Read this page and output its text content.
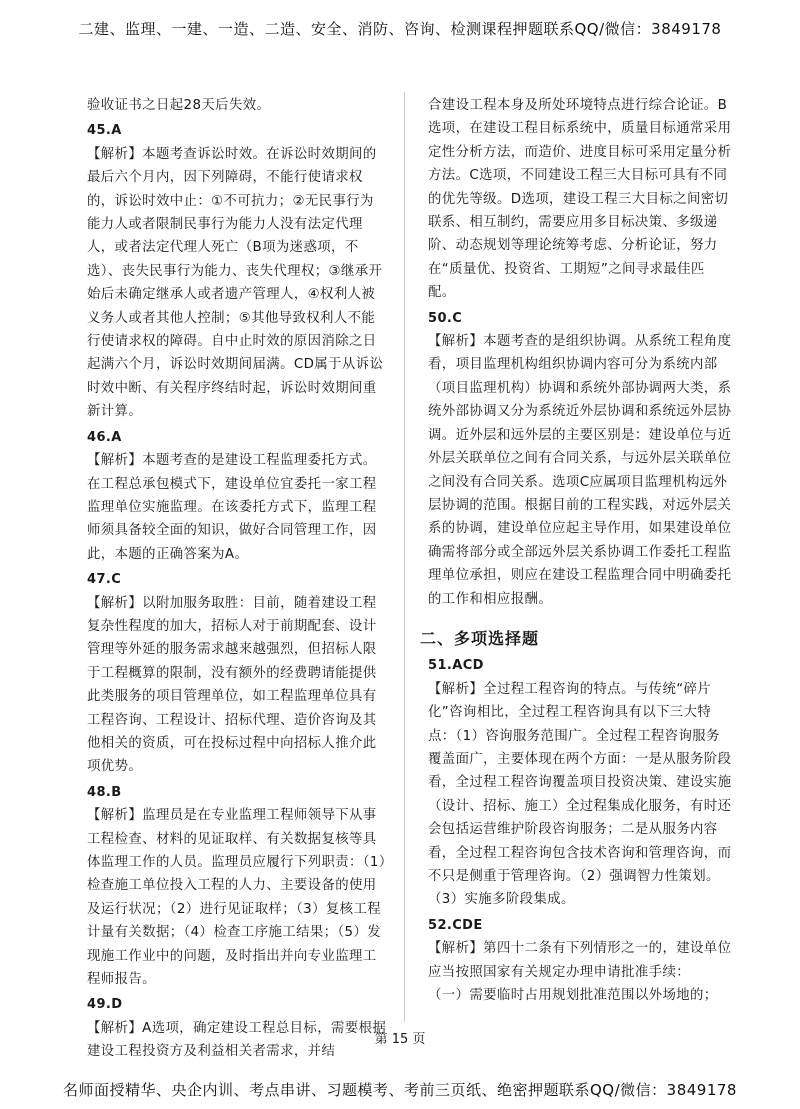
二建、监理、一建、一造、二造、安全、消防、咨询、检测课程押题联系QQ/微信：3849178

验收证书之日起28天后失效。

45.A

【解析】本题考查诉讼时效。在诉讼时效期间的最后六个月内，因下列障碍，不能行使请求权的，诉讼时效中止：①不可抗力；②无民事行为能力人或者限制民事行为能力人没有法定代理人，或者法定代理人死亡（B项为迷惑项，不选）、丧失民事行为能力、丧失代理权；③继承开始后未确定继承人或者遗产管理人，④权利人被义务人或者其他人控制；⑤其他导致权利人不能行使请求权的障碍。自中止时效的原因消除之日起满六个月，诉讼时效期间届满。CD属于从诉讼时效中断、有关程序终结时起，诉讼时效期间重新计算。

46.A

【解析】本题考查的是建设工程监理委托方式。在工程总承包模式下，建设单位宜委托一家工程监理单位实施监理。在该委托方式下，监理工程师须具备较全面的知识，做好合同管理工作，因此，本题的正确答案为A。

47.C

【解析】以附加服务取胜：目前，随着建设工程复杂性程度的加大，招标人对于前期配套、设计管理等外延的服务需求越来越强烈，但招标人限于工程概算的限制，没有额外的经费聘请能提供此类服务的项目管理单位，如工程监理单位具有工程咨询、工程设计、招标代理、造价咨询及其他相关的资质，可在投标过程中向招标人推介此项优势。

48.B

【解析】监理员是在专业监理工程师领导下从事工程检查、材料的见证取样、有关数据复核等具体监理工作的人员。监理员应履行下列职责：（1）检查施工单位投入工程的人力、主要设备的使用及运行状况；（2）进行见证取样；（3）复核工程计量有关数据；（4）检查工序施工结果；（5）发现施工作业中的问题，及时指出并向专业监理工程师报告。

49.D

【解析】A选项，确定建设工程总目标，需要根据建设工程投资方及利益相关者需求，并结

合建设工程本身及所处环境特点进行综合论证。B选项，在建设工程目标系统中，质量目标通常采用定性分析方法，而造价、进度目标可采用定量分析方法。C选项，不同建设工程三大目标可具有不同的优先等级。D选项，建设工程三大目标之间密切联系、相互制约，需要应用多目标决策、多级递阶、动态规划等理论统筹考虑、分析论证，努力在“质量优、投资省、工期短”之间寻求最佳匹配。

50.C

【解析】本题考查的是组织协调。从系统工程角度看，项目监理机构组织协调内容可分为系统内部（项目监理机构）协调和系统外部协调两大类，系统外部协调又分为系统近外层协调和系统远外层协调。近外层和远外层的主要区别是：建设单位与近外层关联单位之间有合同关系，与远外层关联单位之间没有合同关系。选项C应属项目监理机构远外层协调的范围。根据目前的工程实践，对远外层关系的协调，建设单位应起主导作用，如果建设单位确需将部分或全部远外层关系协调工作委托工程监理单位承担，则应在建设工程监理合同中明确委托的工作和相应报酬。

二、多项选择题

51.ACD

【解析】全过程工程咨询的特点。与传统“碎片化”咨询相比，全过程工程咨询具有以下三大特点：（1）咨询服务范围广。全过程工程咨询服务覆盖面广，主要体现在两个方面：一是从服务阶段看，全过程工程咨询覆盖项目投资决策、建设实施（设计、招标、施工）全过程集成化服务，有时还会包括运营维护阶段咨询服务；二是从服务内容看，全过程工程咨询包含技术咨询和管理咨询，而不只是侧重于管理咨询。（2）强调智力性策划。（3）实施多阶段集成。

52.CDE

【解析】第四十二条有下列情形之一的，建设单位应当按照国家有关规定办理申请批准手续：

（一）需要临时占用规划批准范围以外场地的；

第 15 页
名师面授精华、央企内训、考点串讲、习题模考、考前三页纸、绝密押题联系QQ/微信：3849178
